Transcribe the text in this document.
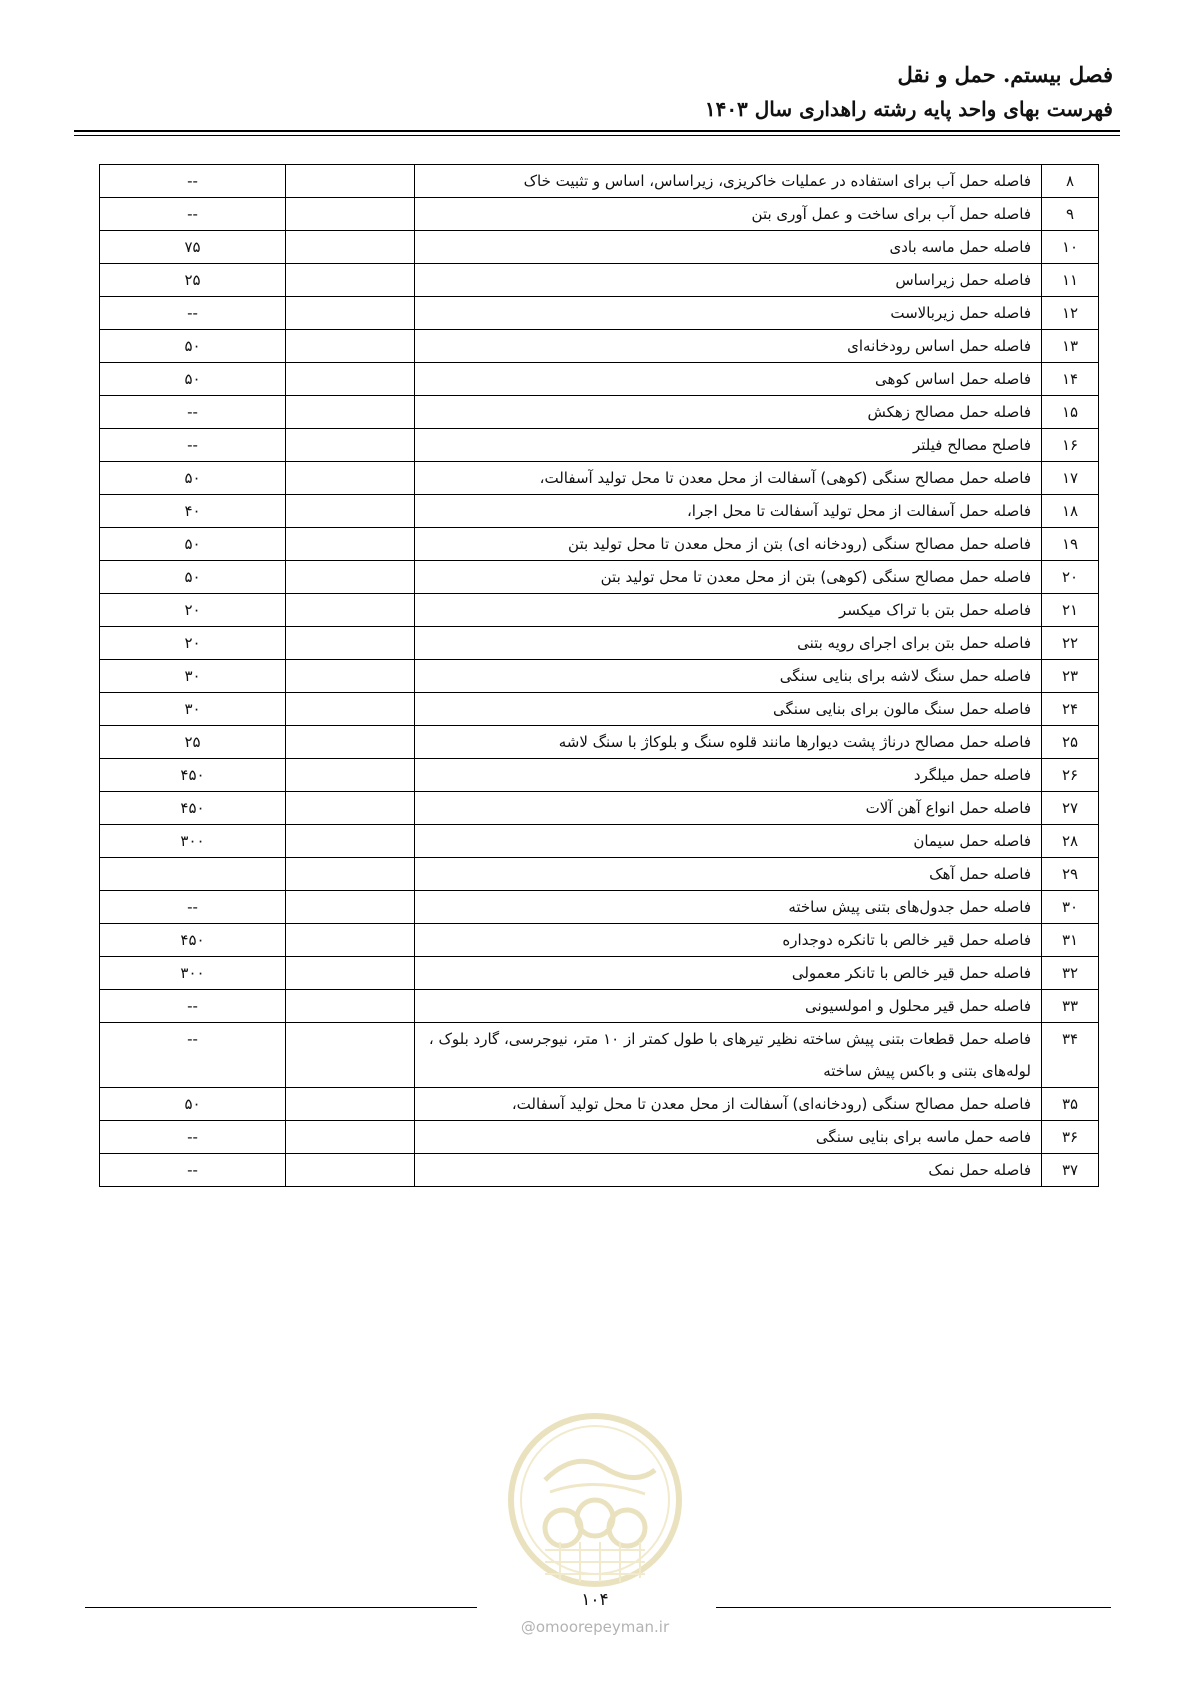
فصل بیستم. حمل و نقل
فهرست بهای واحد پایه رشته راهداری سال ۱۴۰۳
۸	فاصله حمل آب برای استفاده در عملیات خاکریزی، زیراساس، اساس و تثبیت خاک		--
۹	فاصله حمل آب برای ساخت و عمل آوری بتن		--
۱۰	فاصله حمل ماسه بادی		۷۵
۱۱	فاصله حمل زیراساس		۲۵
۱۲	فاصله حمل زیربالاست		--
۱۳	فاصله حمل اساس رودخانه‌ای		۵۰
۱۴	فاصله حمل اساس کوهی		۵۰
۱۵	فاصله حمل مصالح زهکش		--
۱۶	فاصلح مصالح فیلتر		--
۱۷	فاصله حمل مصالح سنگی (کوهی) آسفالت از محل معدن تا محل تولید آسفالت،		۵۰
۱۸	فاصله حمل آسفالت از محل تولید آسفالت تا محل اجرا،		۴۰
۱۹	فاصله حمل مصالح سنگی (رودخانه ای) بتن از محل معدن تا محل تولید بتن		۵۰
۲۰	فاصله حمل مصالح سنگی (کوهی) بتن از محل معدن تا محل تولید بتن		۵۰
۲۱	فاصله حمل بتن با تراک میکسر		۲۰
۲۲	فاصله حمل بتن برای اجرای رویه بتنی		۲۰
۲۳	فاصله حمل سنگ لاشه برای بنایی سنگی		۳۰
۲۴	فاصله حمل سنگ مالون برای بنایی سنگی		۳۰
۲۵	فاصله حمل مصالح درناژ پشت دیوارها مانند قلوه سنگ و بلوکاژ با سنگ لاشه		۲۵
۲۶	فاصله حمل میلگرد		۴۵۰
۲۷	فاصله حمل انواع آهن آلات		۴۵۰
۲۸	فاصله حمل سیمان		۳۰۰
۲۹	فاصله حمل آهک		
۳۰	فاصله حمل جدول‌های بتنی پیش ساخته		--
۳۱	فاصله حمل قیر خالص با تانکره دوجداره		۴۵۰
۳۲	فاصله حمل قیر خالص با تانکر معمولی		۳۰۰
۳۳	فاصله حمل قیر محلول و امولسیونی		--
۳۴	فاصله حمل قطعات بتنی پیش ساخته نظیر تیرهای با طول کمتر از ۱۰ متر، نیوجرسی، گارد بلوک ، لوله‌های بتنی و باکس پیش ساخته		--
۳۵	فاصله حمل مصالح سنگی (رودخانه‌ای) آسفالت از محل معدن تا محل تولید آسفالت،		۵۰
۳۶	فاصه حمل ماسه برای بنایی سنگی		--
۳۷	فاصله حمل نمک		--
۱۰۴
@omoorepeyman.ir
